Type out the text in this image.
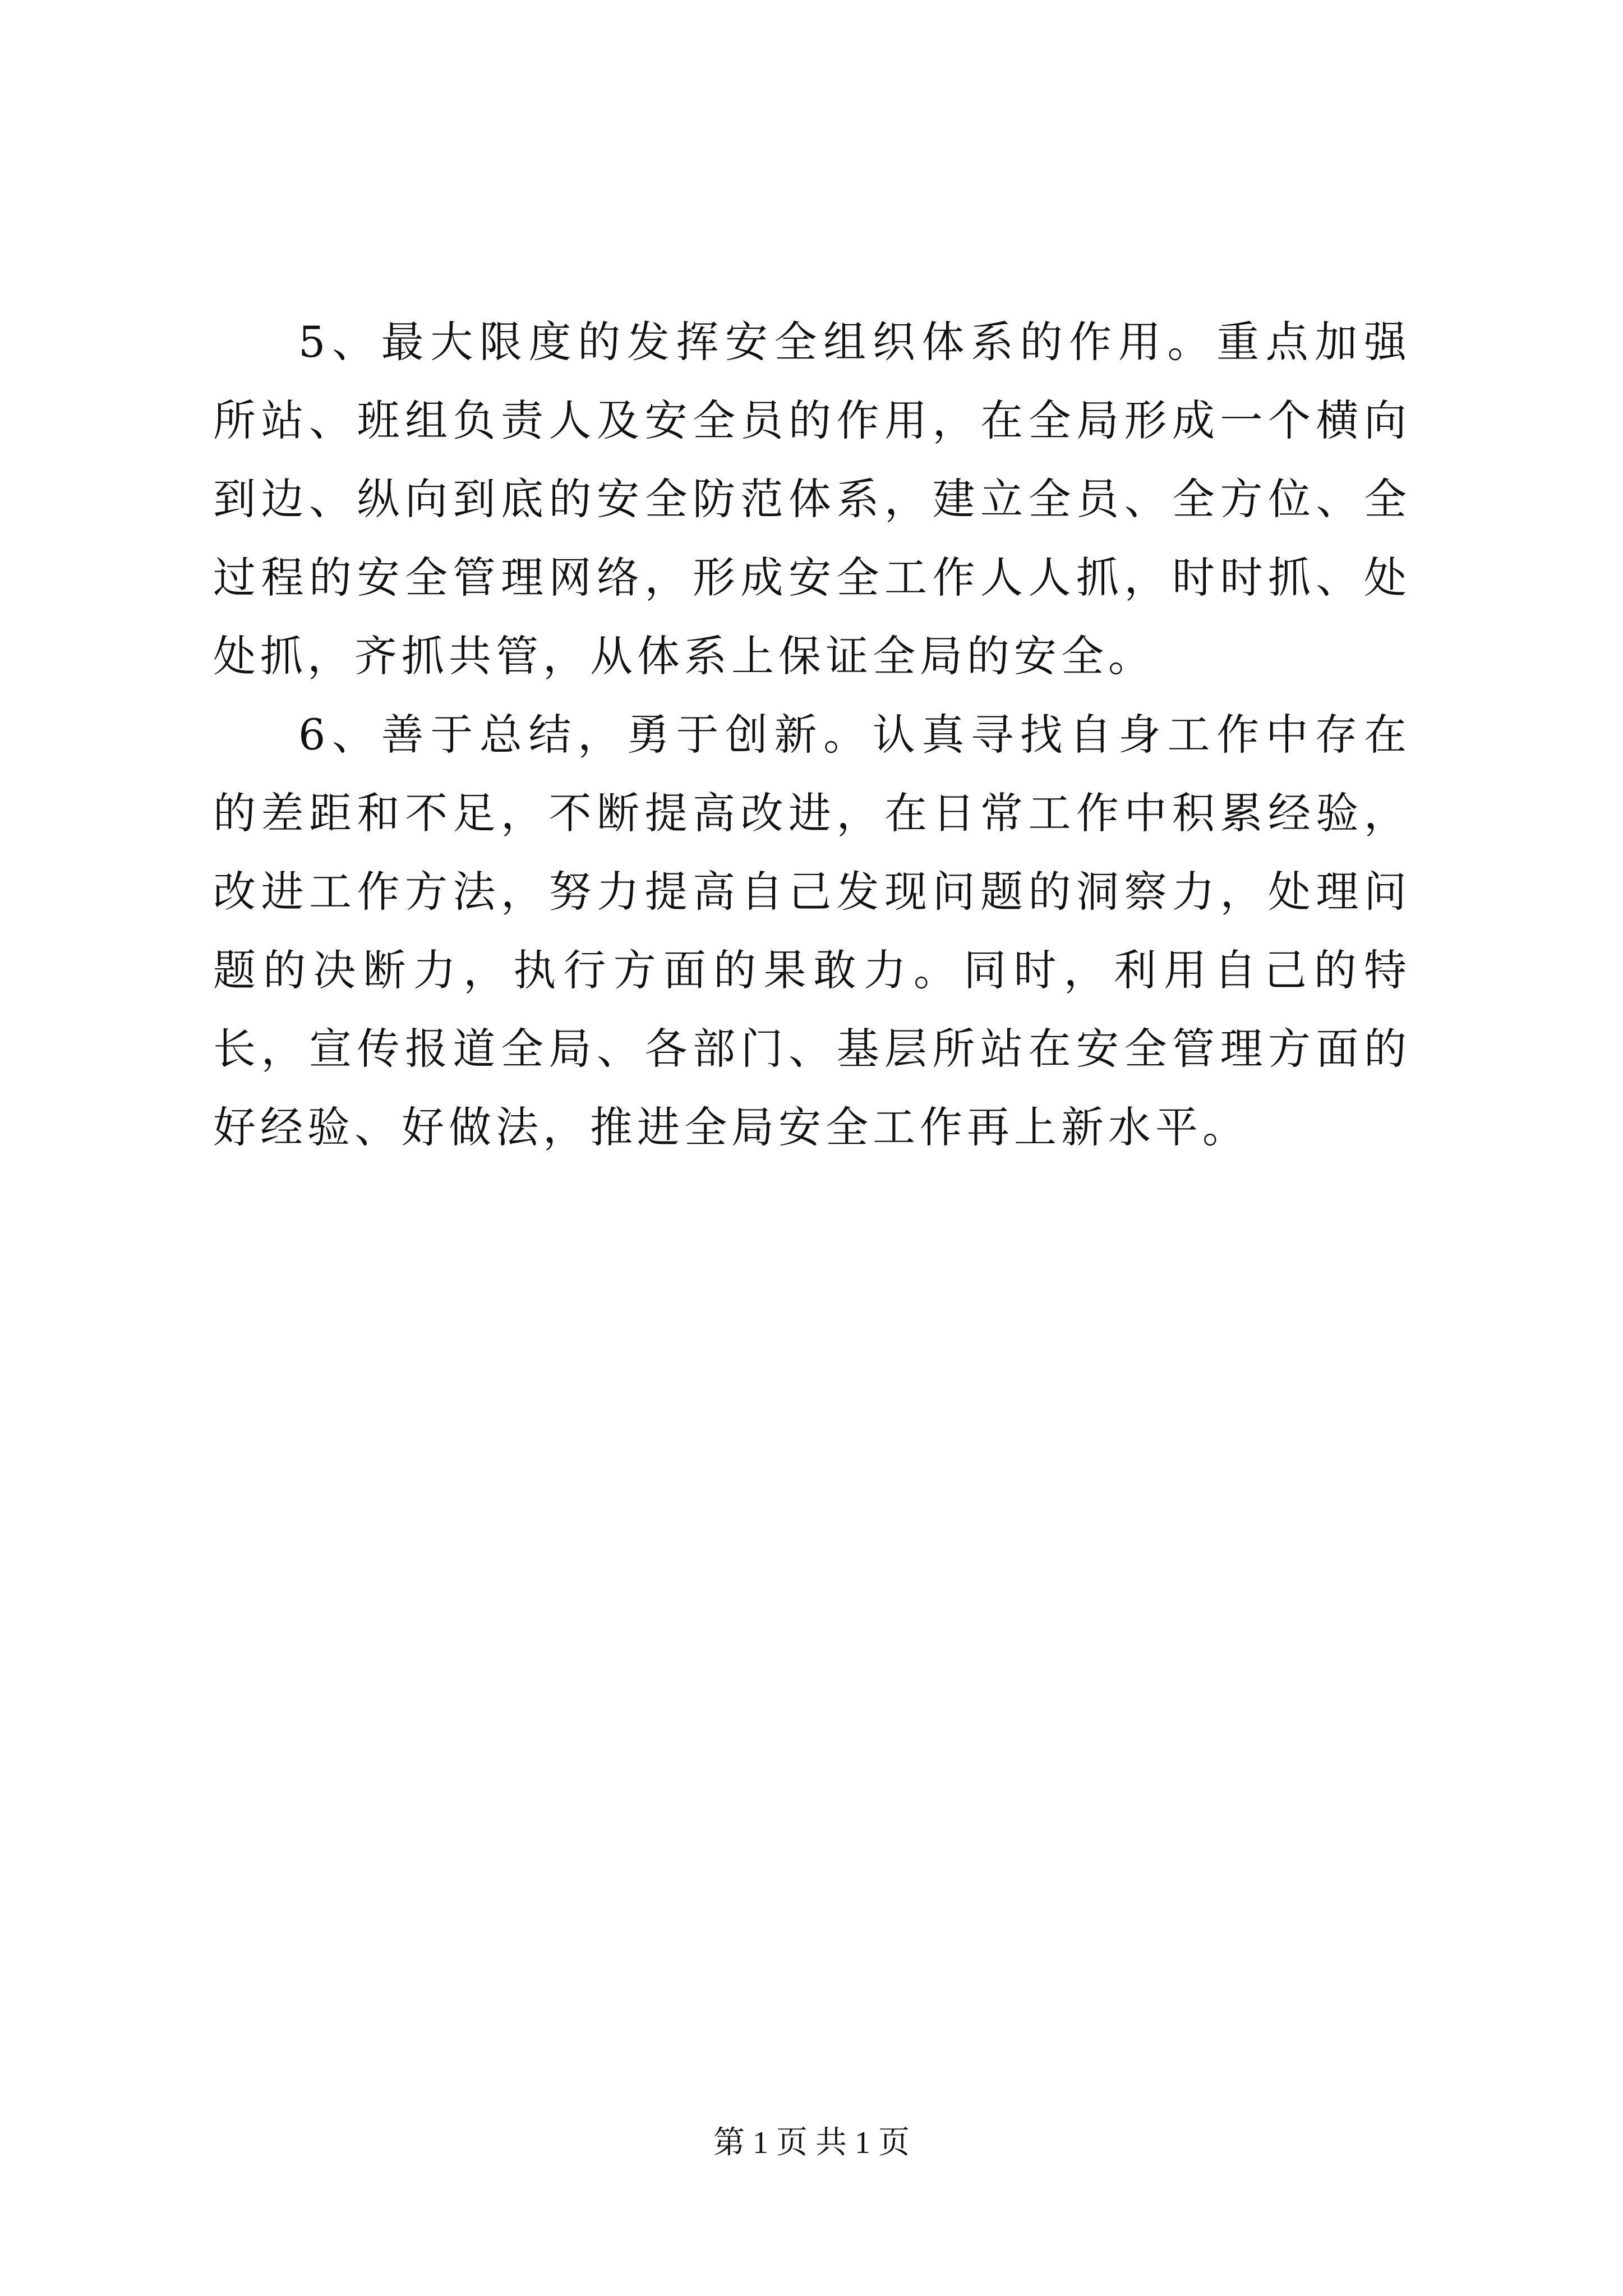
5、最大限度的发挥安全组织体系的作用。重点加强所站、班组负责人及安全员的作用，在全局形成一个横向到边、纵向到底的安全防范体系，建立全员、全方位、全过程的安全管理网络，形成安全工作人人抓，时时抓、处处抓，齐抓共管，从体系上保证全局的安全。

6、善于总结，勇于创新。认真寻找自身工作中存在的差距和不足，不断提高改进，在日常工作中积累经验，改进工作方法，努力提高自己发现问题的洞察力，处理问题的决断力，执行方面的果敢力。同时，利用自己的特长，宣传报道全局、各部门、基层所站在安全管理方面的好经验、好做法，推进全局安全工作再上新水平。

第 1 页 共 1 页
